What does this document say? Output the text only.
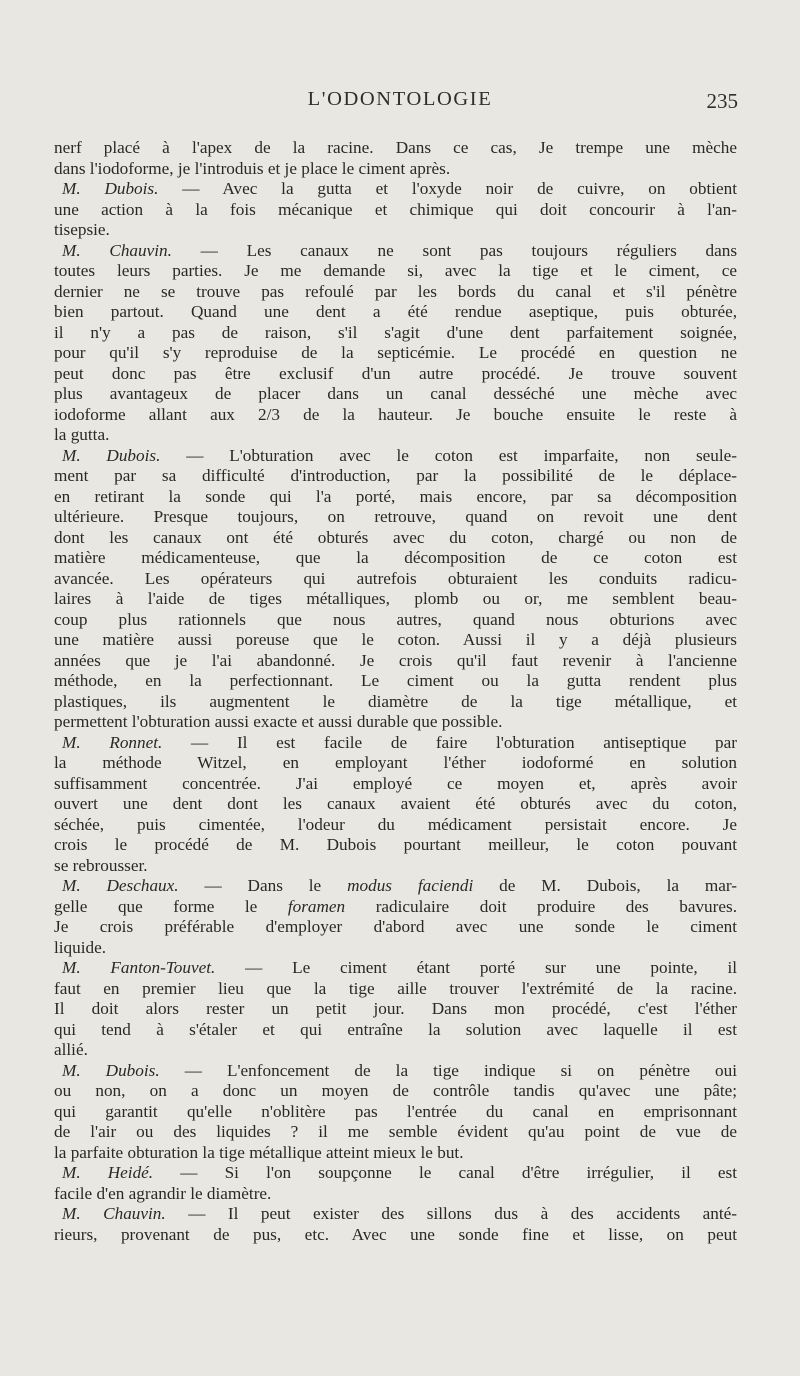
L'ODONTOLOGIE	235
nerf placé à l'apex de la racine. Dans ce cas, Je trempe une mèche
dans l'iodoforme, je l'introduis et je place le ciment après.
M. Dubois. — Avec la gutta et l'oxyde noir de cuivre, on obtient
une action à la fois mécanique et chimique qui doit concourir à l'an-
tisepsie.
M. Chauvin. — Les canaux ne sont pas toujours réguliers dans
toutes leurs parties. Je me demande si, avec la tige et le ciment, ce
dernier ne se trouve pas refoulé par les bords du canal et s'il pénètre
bien partout. Quand une dent a été rendue aseptique, puis obturée,
il n'y a pas de raison, s'il s'agit d'une dent parfaitement soignée,
pour qu'il s'y reproduise de la septicémie. Le procédé en question ne
peut donc pas être exclusif d'un autre procédé. Je trouve souvent
plus avantageux de placer dans un canal desséché une mèche avec
iodoforme allant aux 2/3 de la hauteur. Je bouche ensuite le reste à
la gutta.
M. Dubois. — L'obturation avec le coton est imparfaite, non seule-
ment par sa difficulté d'introduction, par la possibilité de le déplace-
en retirant la sonde qui l'a porté, mais encore, par sa décomposition
ultérieure. Presque toujours, on retrouve, quand on revoit une dent
dont les canaux ont été obturés avec du coton, chargé ou non de
matière médicamenteuse, que la décomposition de ce coton est
avancée. Les opérateurs qui autrefois obturaient les conduits radicu-
laires à l'aide de tiges métalliques, plomb ou or, me semblent beau-
coup plus rationnels que nous autres, quand nous obturions avec
une matière aussi poreuse que le coton. Aussi il y a déjà plusieurs
années que je l'ai abandonné. Je crois qu'il faut revenir à l'ancienne
méthode, en la perfectionnant. Le ciment ou la gutta rendent plus
plastiques, ils augmentent le diamètre de la tige métallique, et
permettent l'obturation aussi exacte et aussi durable que possible.
M. Ronnet. — Il est facile de faire l'obturation antiseptique par
la méthode Witzel, en employant l'éther iodoformé en solution
suffisamment concentrée. J'ai employé ce moyen et, après avoir
ouvert une dent dont les canaux avaient été obturés avec du coton,
séchée, puis cimentée, l'odeur du médicament persistait encore. Je
crois le procédé de M. Dubois pourtant meilleur, le coton pouvant
se rebrousser.
M. Deschaux. — Dans le modus faciendi de M. Dubois, la mar-
gelle que forme le foramen radiculaire doit produire des bavures.
Je crois préférable d'employer d'abord avec une sonde le ciment
liquide.
M. Fanton-Touvet. — Le ciment étant porté sur une pointe, il
faut en premier lieu que la tige aille trouver l'extrémité de la racine.
Il doit alors rester un petit jour. Dans mon procédé, c'est l'éther
qui tend à s'étaler et qui entraîne la solution avec laquelle il est
allié.
M. Dubois. — L'enfoncement de la tige indique si on pénètre oui
ou non, on a donc un moyen de contrôle tandis qu'avec une pâte;
qui garantit qu'elle n'oblitère pas l'entrée du canal en emprisonnant
de l'air ou des liquides ? il me semble évident qu'au point de vue de
la parfaite obturation la tige métallique atteint mieux le but.
M. Heidé. — Si l'on soupçonne le canal d'être irrégulier, il est
facile d'en agrandir le diamètre.
M. Chauvin. — Il peut exister des sillons dus à des accidents anté-
rieurs, provenant de pus, etc. Avec une sonde fine et lisse, on peut
